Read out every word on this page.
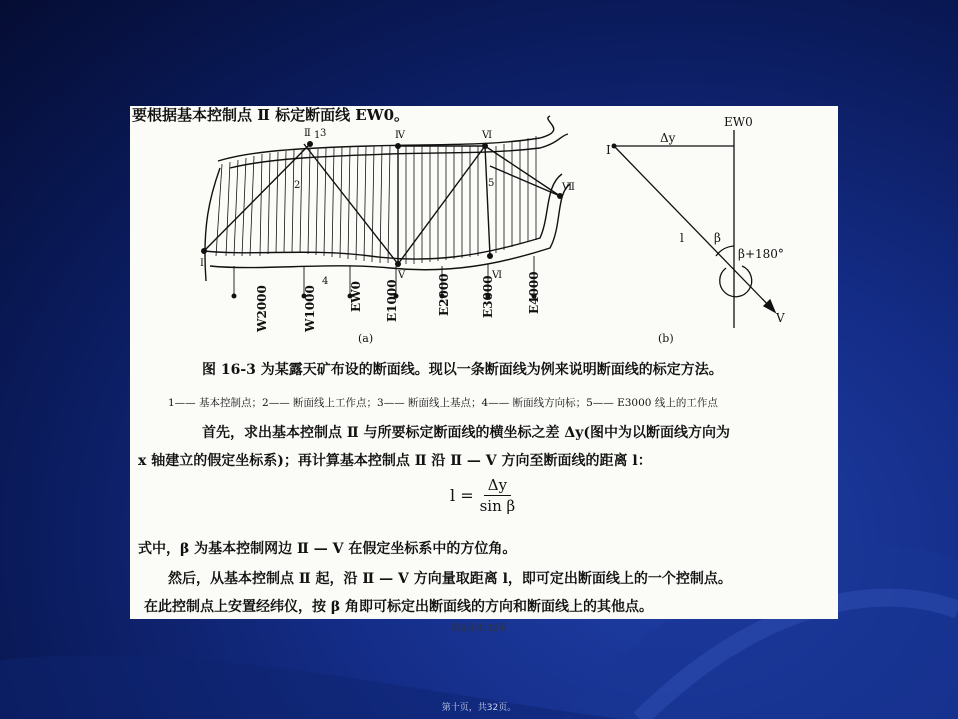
W2000	W1000	EW0 E1000	E2000	E3000	E4000
Ⅰ
Ⅱ	Ⅳ	Ⅵ
Ⅶ
Ⅴ	Ⅵ
1
2
3
4
5
(a)
EW0
Ⅰ
Δy
l	β
β+180°
Ⅴ
(b)
要根据基本控制点 Ⅱ 标定断面线 EW0。
图 16-3 为某露天矿布设的断面线。现以一条断面线为例来说明断面线的标定方法。
1—— 基本控制点；2—— 断面线上工作点；3—— 断面线上基点；4—— 断面线方向标；5—— E3000 线上的工作点
首先，求出基本控制点 Ⅱ 与所要标定断面线的横坐标之差 Δy(图中为以断面线方向为
x 轴建立的假定坐标系)；再计算基本控制点 Ⅱ 沿 Ⅱ — Ⅴ 方向至断面线的距离 l：
$l = \frac{\Delta y}{\text{sin β}}$
式中，β 为基本控制网边 Ⅱ — Ⅴ 在假定坐标系中的方位角。
然后，从基本控制点 Ⅱ 起，沿 Ⅱ — Ⅴ 方向量取距离 l，即可定出断面线上的一个控制点。
在此控制点上安置经纬仪，按 β 角即可标定出断面线的方向和断面线上的其他点。
第8页/共32页
第十页，共32页。
